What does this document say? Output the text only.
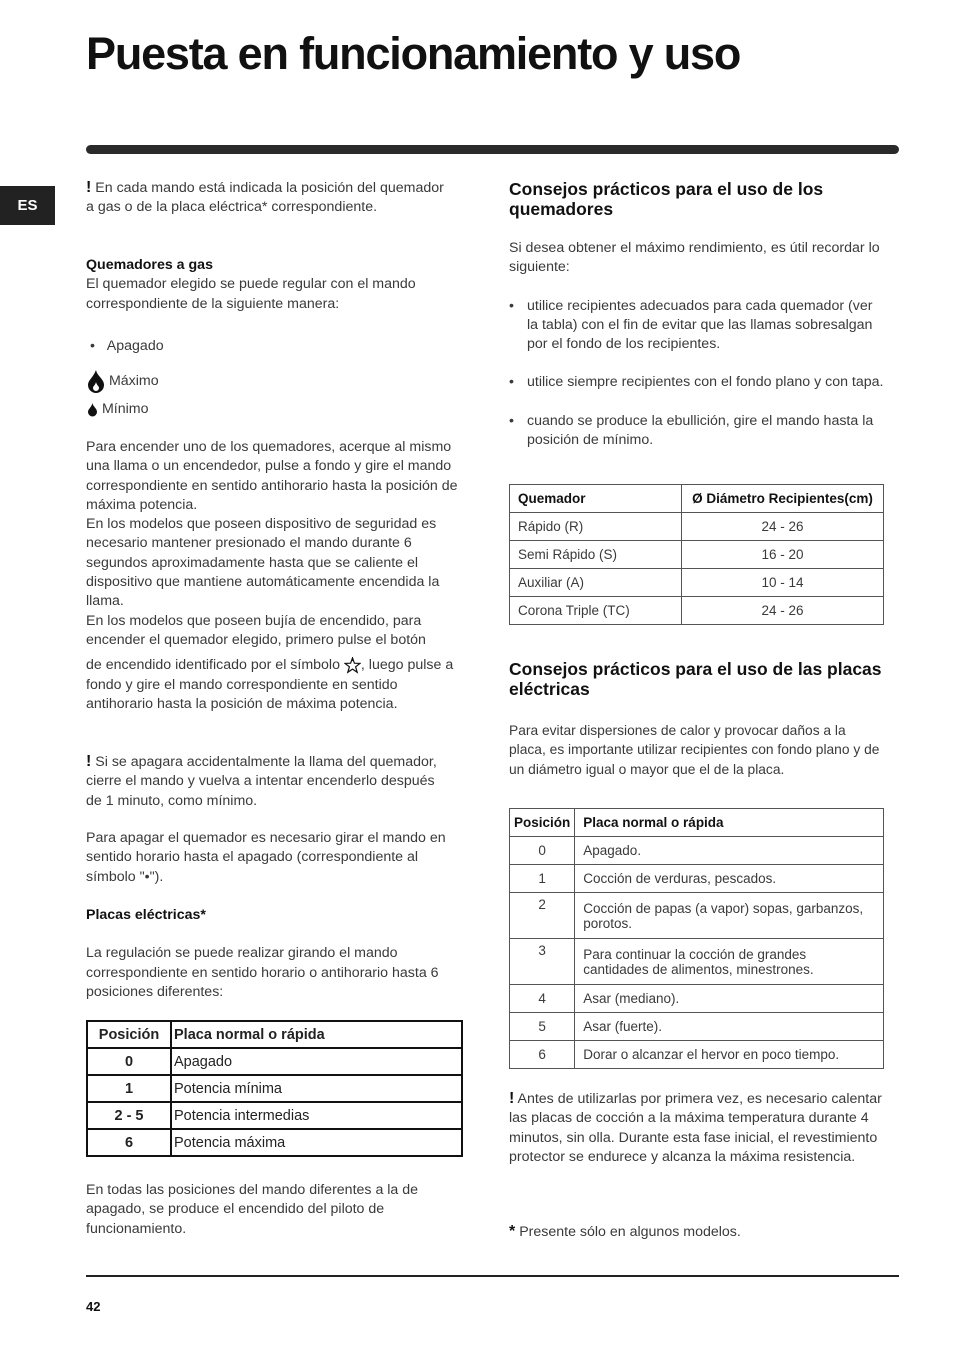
Puesta en funcionamiento y uso
ES

! En cada mando está indicada la posición del quemador a gas o de la placa eléctrica* correspondiente.

Quemadores a gas

El quemador elegido se puede regular con el mando correspondiente de la siguiente manera:

• Apagado
Máximo
Mínimo

Para encender uno de los quemadores, acerque al mismo una llama o un encendedor, pulse a fondo y gire el mando correspondiente en sentido antihorario hasta la posición de máxima potencia.

En los modelos que poseen dispositivo de seguridad es necesario mantener presionado el mando durante 6 segundos aproximadamente hasta que se caliente el dispositivo que mantiene automáticamente encendida la llama.

En los modelos que poseen bujía de encendido, para encender el quemador elegido, primero pulse el botón
de encendido identificado por el símbolo , luego pulse a fondo y gire el mando correspondiente en sentido antihorario hasta la posición de máxima potencia.

! Si se apagara accidentalmente la llama del quemador, cierre el mando y vuelva a intentar encenderlo después de 1 minuto, como mínimo.

Para apagar el quemador es necesario girar el mando en sentido horario hasta el apagado (correspondiente al símbolo "•").

Placas eléctricas*

La regulación se puede realizar girando el mando correspondiente en sentido horario o antihorario hasta 6 posiciones diferentes:

Posición	Placa normal o rápida
0	Apagado
1	Potencia mínima
2 - 5	Potencia intermedias
6	Potencia máxima

En todas las posiciones del mando diferentes a la de apagado, se produce el encendido del piloto de funcionamiento.

Consejos prácticos para el uso de los quemadores

Si desea obtener el máximo rendimiento, es útil recordar lo siguiente:

• utilice recipientes adecuados para cada quemador (ver la tabla) con el fin de evitar que las llamas sobresalgan por el fondo de los recipientes.

• utilice siempre recipientes con el fondo plano y con tapa.

• cuando se produce la ebullición, gire el mando hasta la posición de mínimo.

Quemador	Ø Diámetro Recipientes(cm)
Rápido (R)	24 - 26
Semi Rápido (S)	16 - 20
Auxiliar (A)	10 - 14
Corona Triple (TC)	24 - 26

Consejos prácticos para el uso de las placas eléctricas

Para evitar dispersiones de calor y provocar daños a la placa, es importante utilizar recipientes con fondo plano y de un diámetro igual o mayor que el de la placa.

Posición	Placa normal o rápida
0	Apagado.
1	Cocción de verduras, pescados.
2	Cocción de papas (a vapor) sopas, garbanzos, porotos.
3	Para continuar la cocción de grandes cantidades de alimentos, minestrones.
4	Asar (mediano).
5	Asar (fuerte).
6	Dorar o alcanzar el hervor en poco tiempo.

! Antes de utilizarlas por primera vez, es necesario calentar las placas de cocción a la máxima temperatura durante 4 minutos, sin olla. Durante esta fase inicial, el revestimiento protector se endurece y alcanza la máxima resistencia.

* Presente sólo en algunos modelos.
42
